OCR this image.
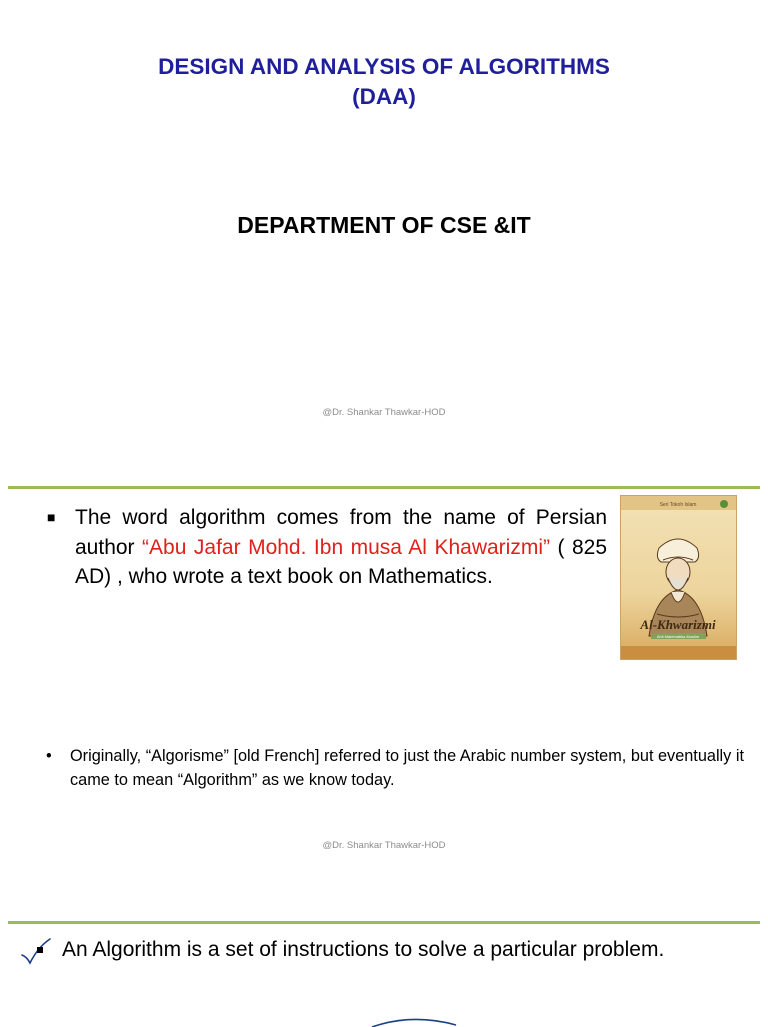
DESIGN AND ANALYSIS OF ALGORITHMS
(DAA)
DEPARTMENT OF CSE &IT
@Dr. Shankar Thawkar-HOD
■ The word algorithm comes from the name of Persian author “Abu Jafar Mohd. Ibn musa Al Khawarizmi” ( 825 AD) , who wrote a text book on Mathematics.
Seri Tokoh Islam
Al-Khwarizmi
Ahli Matematika Muslim
•	Originally, “Algorisme” [old French] referred to just the Arabic number system, but eventually it came to mean “Algorithm” as we know today.
@Dr. Shankar Thawkar-HOD
An Algorithm is a set of instructions to solve a particular problem.
